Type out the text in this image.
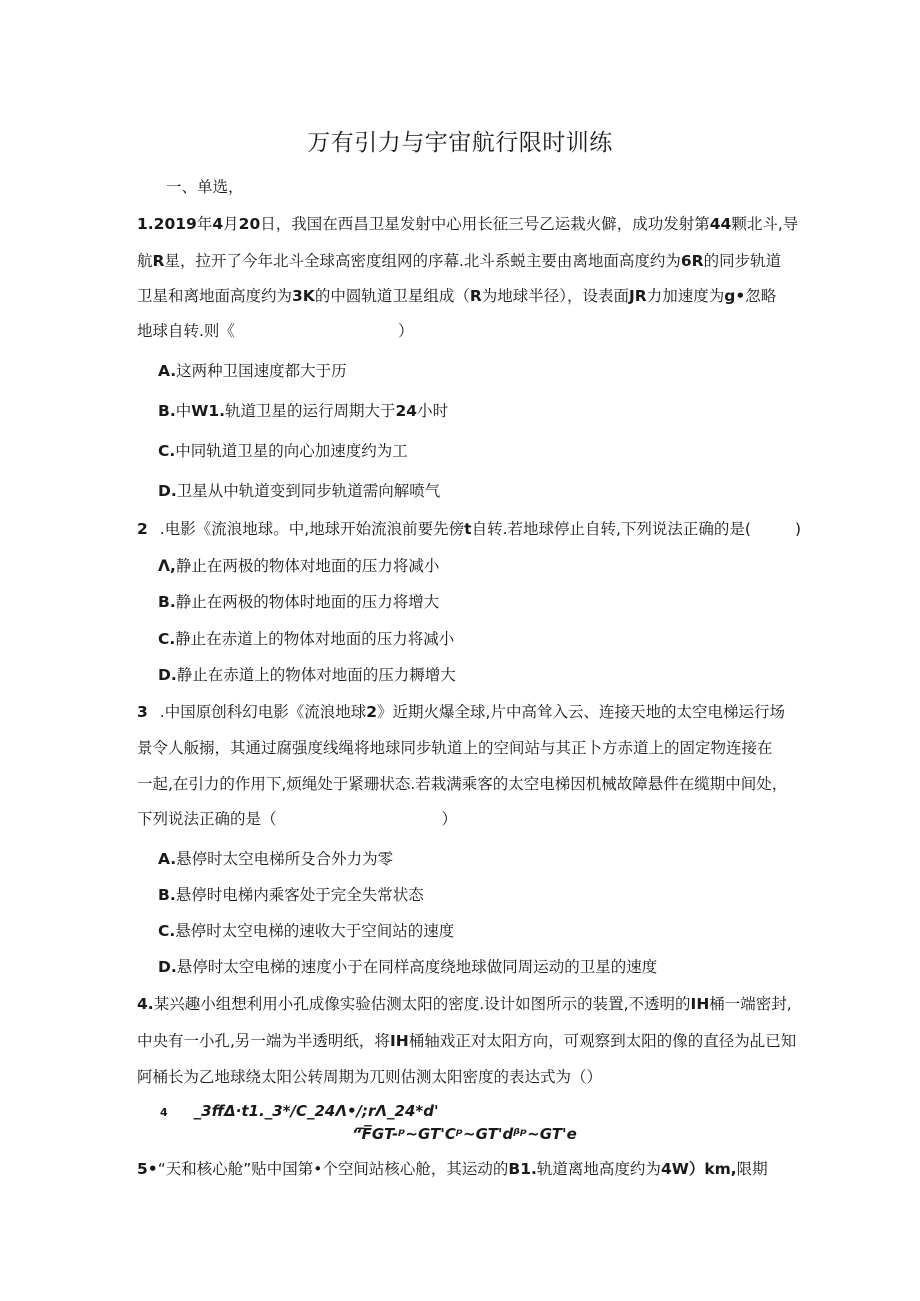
万有引力与宇宙航行限时训练
一、单选，
1.2019年4月20日，我国在西昌卫星发射中心用长征三号乙运栽火僻，成功发射第44颗北斗,导
航R星，拉开了今年北斗全球高密度组网的序幕.北斗系蜕主要由离地面高度约为6R的同步轨道
卫星和离地面高度约为3K的中圆轨道卫星组成（R为地球半径），设表面JR力加速度为g•忽略
地球自转.则《	）
A.这两种卫国速度都大于历
B.中W1.轨道卫星的运行周期大于24小时
C.中同轨道卫星的向心加速度约为工
D.卫星从中轨道变到同步轨道需向解喷气
2 .电影《流浪地球。中,地球开始流浪前要先傍t自转.若地球停止自转,下列说法正确的是(	)
Λ,静止在两极的物体对地面的压力将减小
B.静止在两极的物体时地面的压力将增大
C.静止在赤道上的物体对地面的压力将减小
D.静止在赤道上的物体对地面的压力耨增大
3 .中国原创科幻电影《流浪地球2》近期火爆全球,片中高耸入云、连接天地的太空电梯运行场
景令人舨搦，其通过腐强度线绳将地球同步轨道上的空间站与其正卜方赤道上的固定物连接在
一起,在引力的作用下,烦绳处于紧珊状态.若栽满乘客的太空电梯因机械故障悬件在缆期中间处，
下列说法正确的是（	）
A.悬停时太空电梯所殳合外力为零
B.悬停时电梯内乘客处于完全失常状态
C.悬停时太空电梯的速收大于空间站的速度
D.悬停时太空电梯的速度小于在同样高度绕地球做同周运动的卫星的速度
4.某兴趣小组想利用小孔成像实验估测太阳的密度.设计如图所示的装置,不透明的IH桶一端密封,
中央有一小孔,另一端为半透明纸，将IH桶轴戏正对太阳方向，可观察到太阳的像的直径为乩已知
阿桶长为乙地球绕太阳公转周期为兀则估测太阳密度的表达式为（）
4 _3ffΔ·t1._3*/C_24Λ•/;rΛ_24*d'
“̅F̅GT-ᵖ~GT'Cᵖ~GT'dᵝᵖ~GT'e
5•“天和核心舱”贴中国第•个空间站核心舱，其运动的B1.轨道离地高度约为4W）km,限期
